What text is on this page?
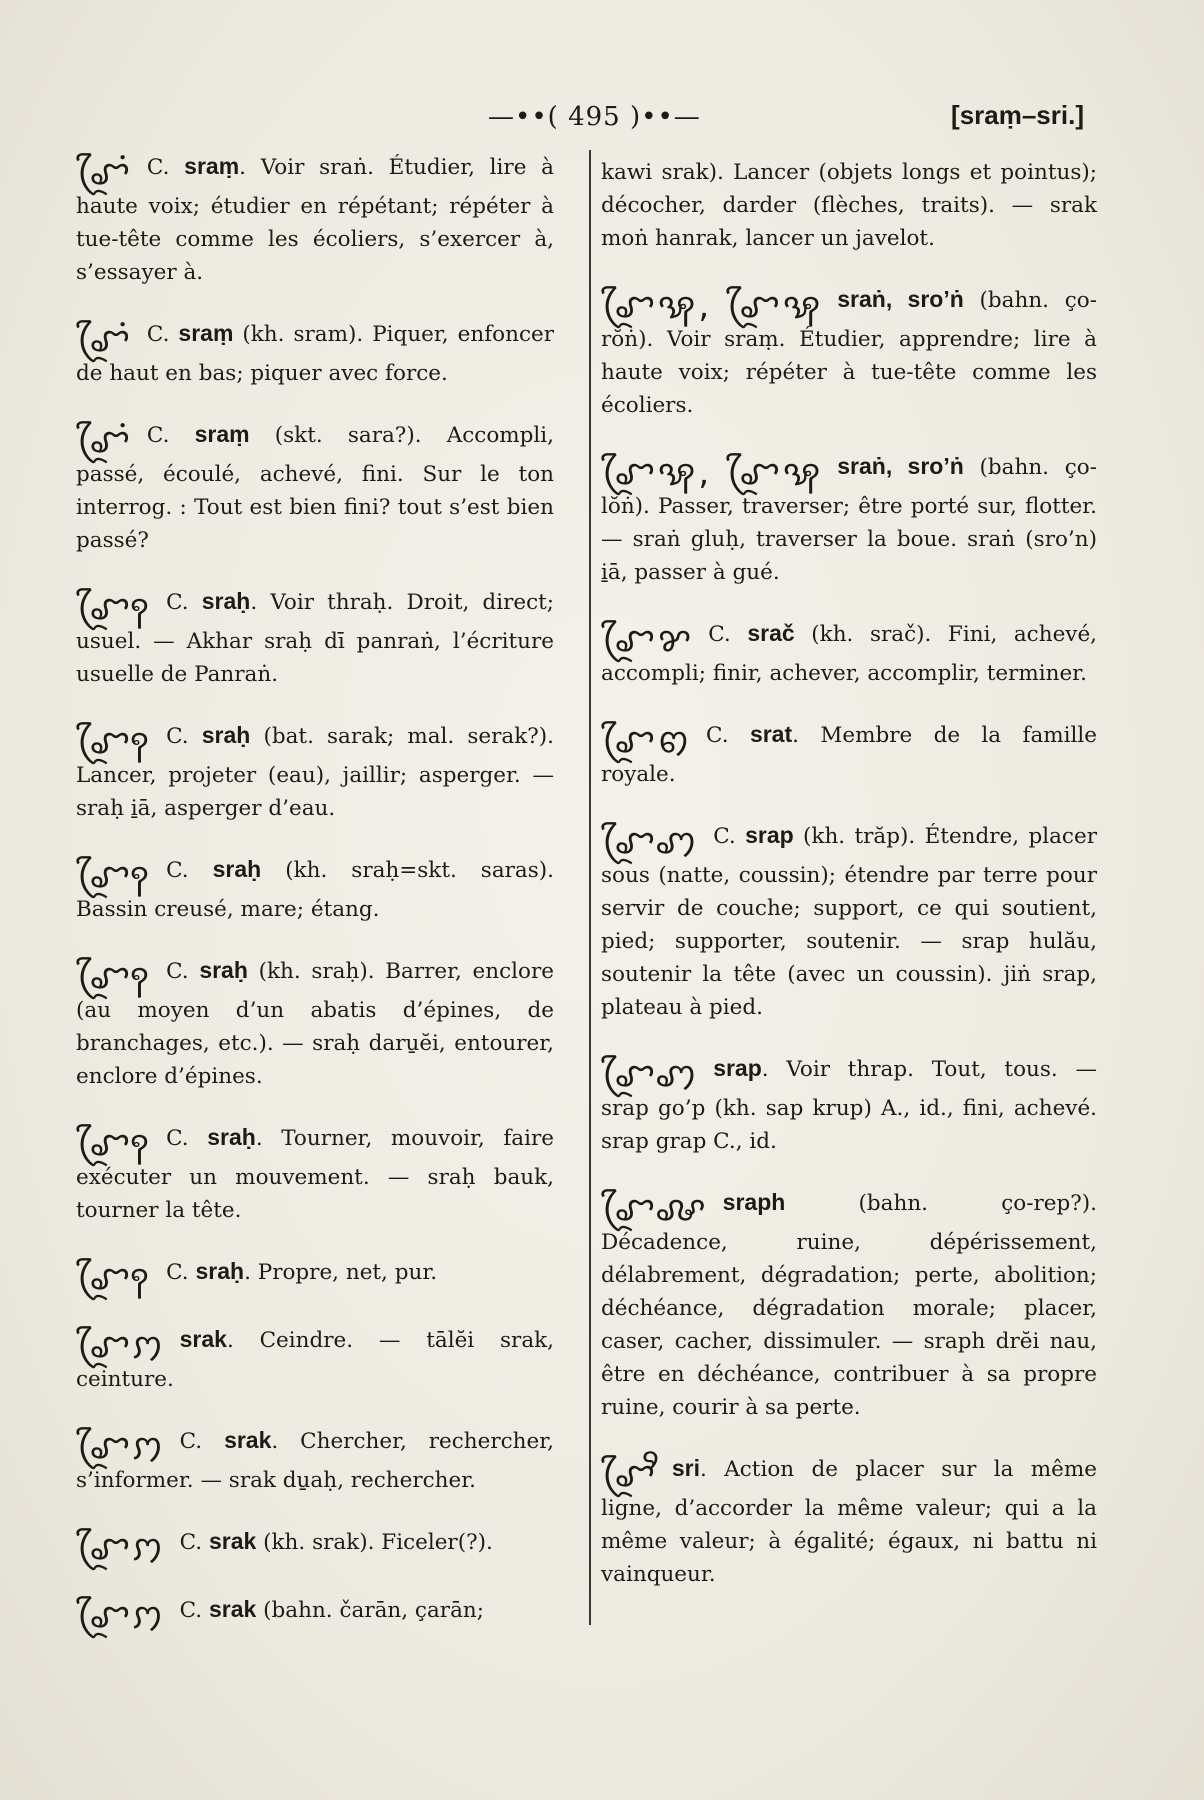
—••( 495 )••—	[sraṃ–sri.]

ꨧꨴꩌ C. sraṃ. Voir sraṅ. Étudier, lire à haute voix; étudier en répétant; répéter à tue-tête comme les écoliers, s’exercer à, s’essayer à.

ꨧꨴꩌ C. sraṃ (kh. sram). Piquer, enfoncer de haut en bas; piquer avec force.

ꨧꨴꩌ C. sraṃ (skt. sara?). Accompli, passé, écoulé, achevé, fini. Sur le ton interrog. : Tout est bien fini? tout s’est bien passé?

ꨧꨴꩍ C. sraḥ. Voir thraḥ. Droit, direct; usuel. — Akhar sraḥ dī panraṅ, l’écriture usuelle de Panraṅ.

ꨧꨴꩍ C. sraḥ (bat. sarak; mal. serak?). Lancer, projeter (eau), jaillir; asperger. — sraḥ i̱ā, asperger d’eau.

ꨧꨴꩍ C. sraḥ (kh. sraḥ=skt. saras). Bassin creusé, mare; étang.

ꨧꨴꩍ C. sraḥ (kh. sraḥ). Barrer, enclore (au moyen d’un abatis d’épines, de branchages, etc.). — sraḥ daru̱ĕi, entourer, enclore d’épines.

ꨧꨴꩍ C. sraḥ. Tourner, mouvoir, faire exécuter un mouvement. — sraḥ bauk, tourner la tête.

ꨧꨴꩍ C. sraḥ. Propre, net, pur.

ꨧꨴꩀ srak. Ceindre. — tālĕi srak, ceinture.

ꨧꨴꩀ C. srak. Chercher, rechercher, s’informer. — srak du̱aḥ, rechercher.

ꨧꨴꩀ C. srak (kh. srak). Ficeler(?).

ꨧꨴꩀ C. srak (bahn. čarān, ҫarān;

kawi srak). Lancer (objets longs et pointus); décocher, darder (flèches, traits). — srak moṅ hanrak, lancer un javelot.

ꨧꨴꩂ, ꨧꨴꩂ sraṅ, sro’ṅ (bahn. ҫo-rŏṅ). Voir sraṃ. Étudier, apprendre; lire à haute voix; répéter à tue-tête comme les écoliers.

ꨧꨴꩂ, ꨧꨴꩂ sraṅ, sro’ṅ (bahn. ҫo-lŏṅ). Passer, traverser; être porté sur, flotter. — sraṅ gluḥ, traverser la boue. sraṅ (sro’n) i̱ā, passer à gué.

ꨧꨴꨌ C. srač (kh. srač). Fini, achevé, accompli; finir, achever, accomplir, terminer.

ꨧꨴꩅ C. srat. Membre de la famille royale.

ꨧꨴꩇ C. srap (kh. trăp). Étendre, placer sous (natte, coussin); étendre par terre pour servir de couche; support, ce qui soutient, pied; supporter, soutenir. — srap hulău, soutenir la tête (avec un coussin). jiṅ srap, plateau à pied.

ꨧꨴꩇ srap. Voir thrap. Tout, tous. — srap go’p (kh. sap krup) A., id., fini, achevé. srap grap C., id.

ꨧꨴꨜ sraph (bahn. ҫo-rep?). Décadence, ruine, dépérissement, délabrement, dégradation; perte, abolition; déchéance, dégradation morale; placer, caser, cacher, dissimuler. — sraph drĕi nau, être en déchéance, contribuer à sa propre ruine, courir à sa perte.

ꨧꨴꨪ sri. Action de placer sur la même ligne, d’accorder la même valeur; qui a la même valeur; à égalité; égaux, ni battu ni vainqueur.
